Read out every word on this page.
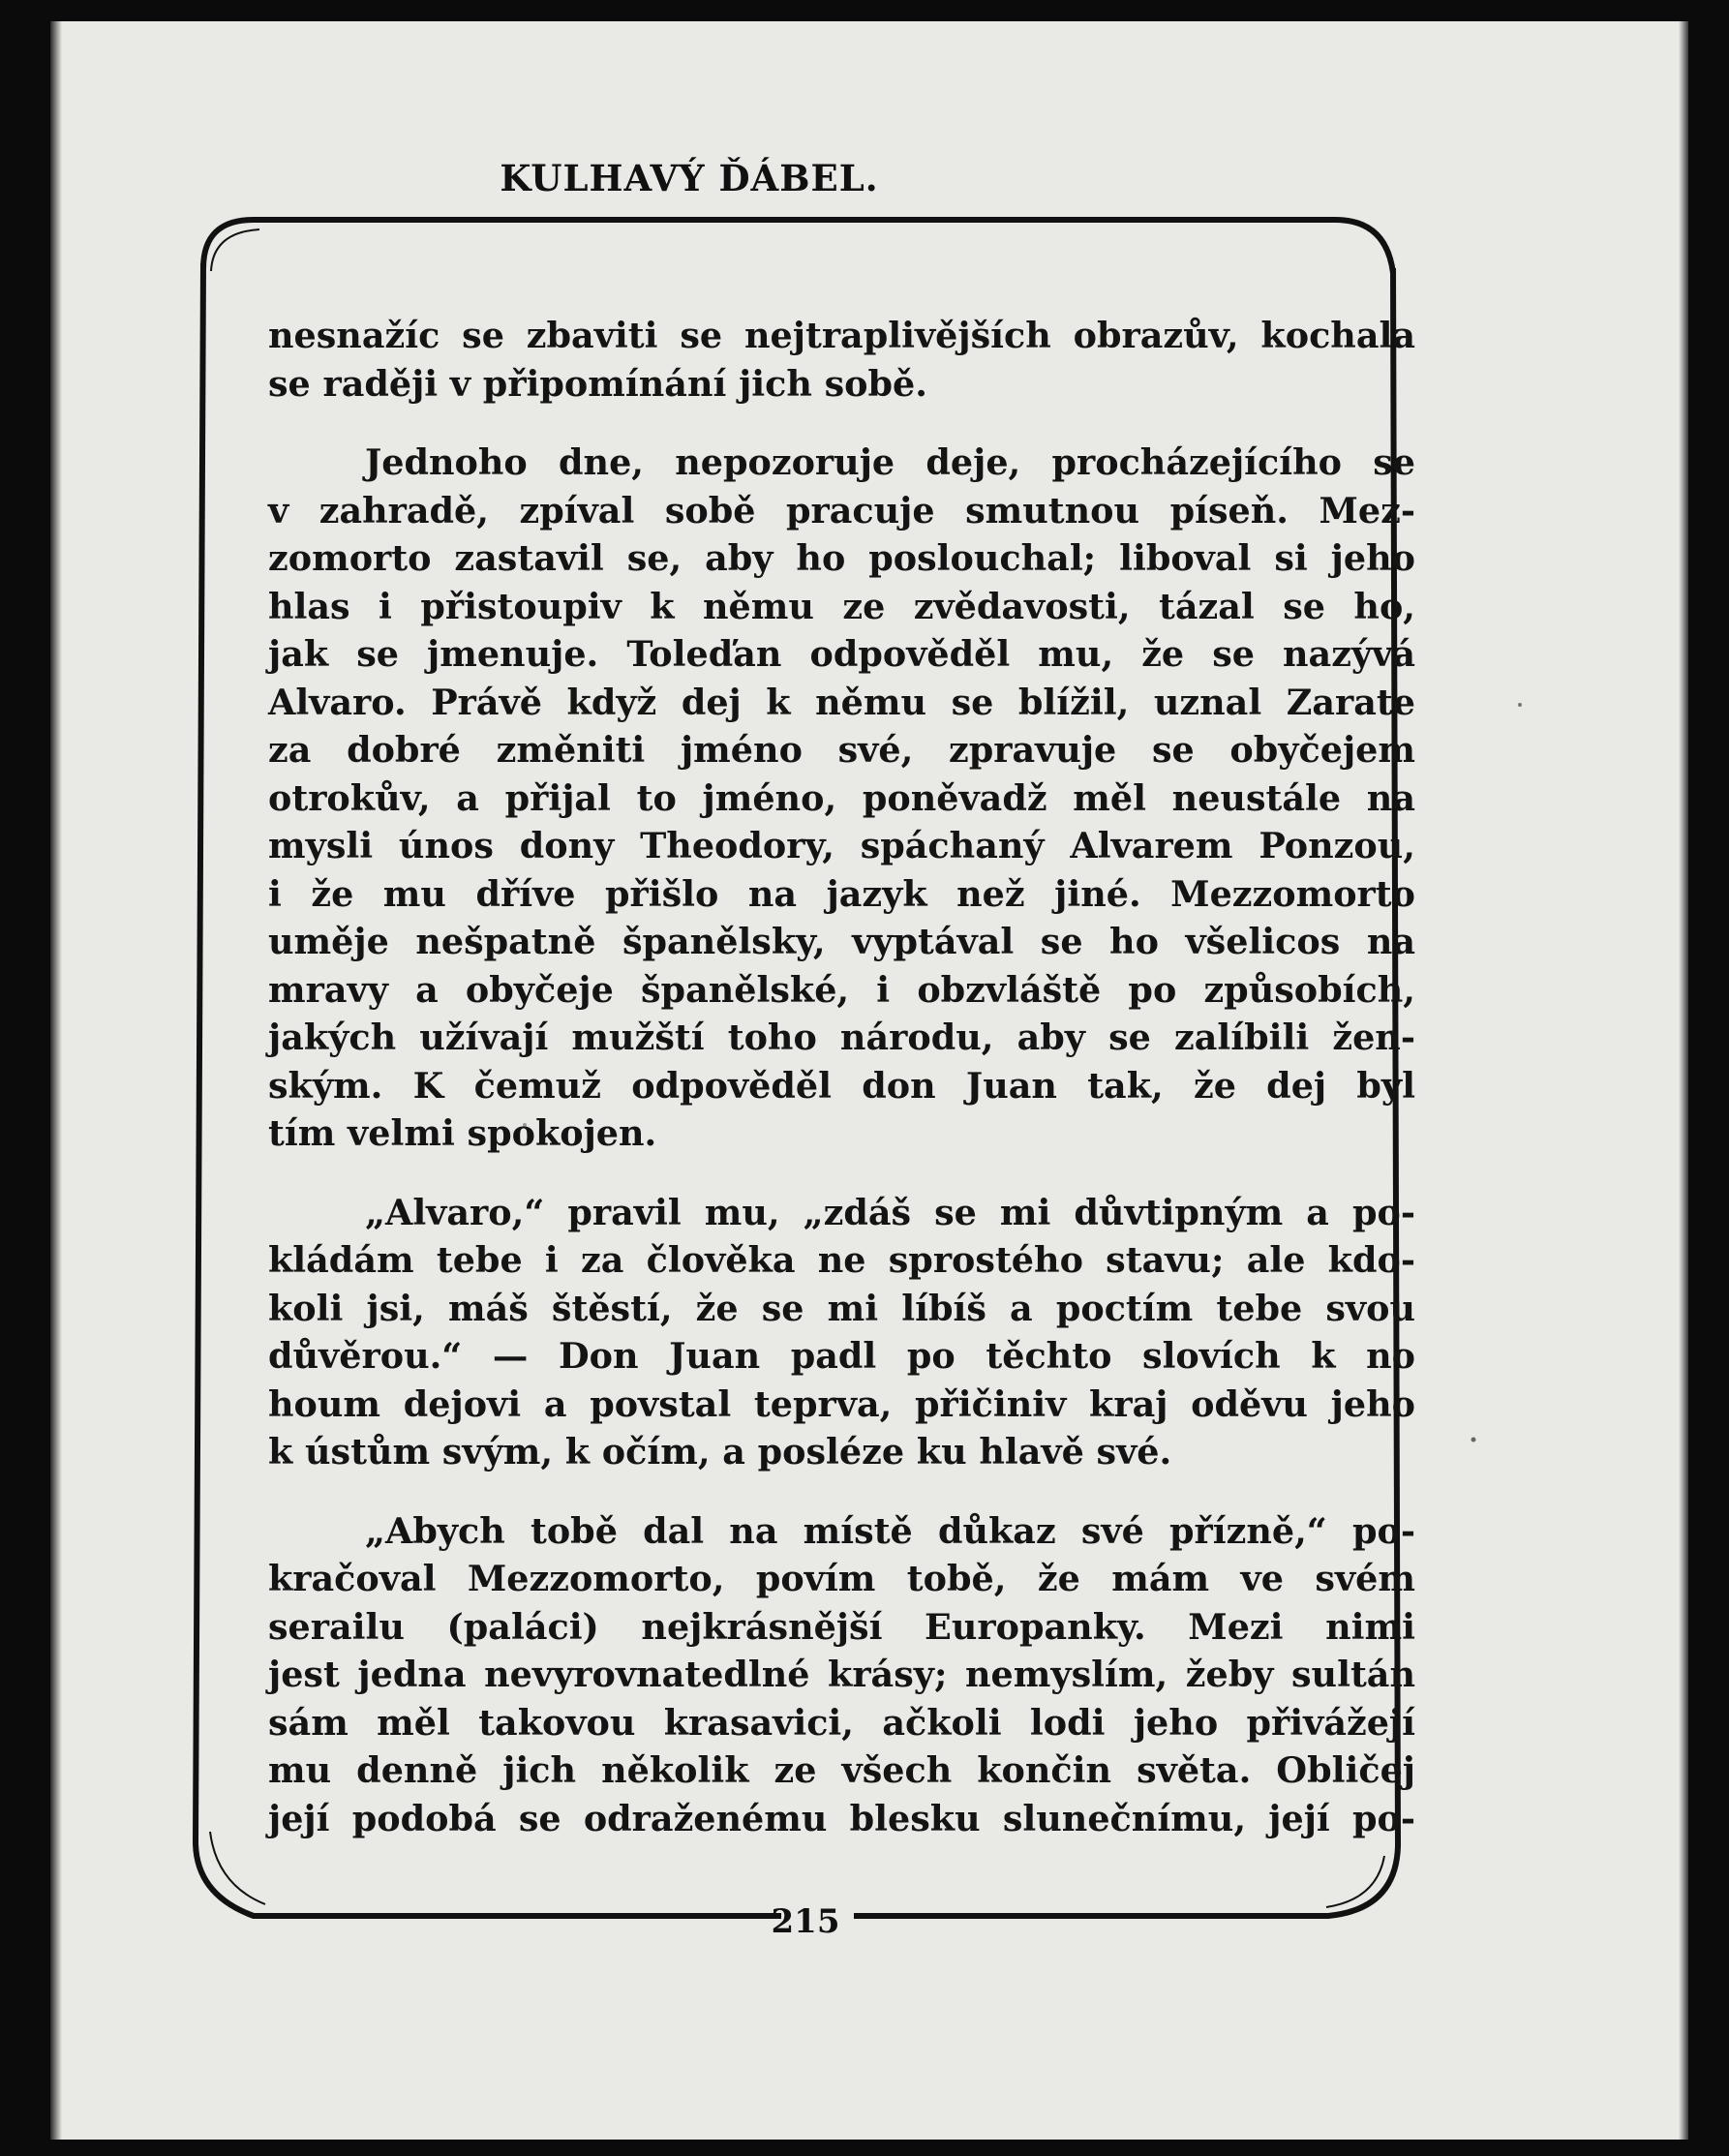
KULHAVÝ ĎÁBEL.

nesnažíc se zbaviti se nejtraplivějších obrazův, kochala
se raději v připomínání jich sobě.

Jednoho dne, nepozoruje deje, procházejícího se
v zahradě, zpíval sobě pracuje smutnou píseň. Mez-
zomorto zastavil se, aby ho poslouchal; liboval si jeho
hlas i přistoupiv k němu ze zvědavosti, tázal se ho,
jak se jmenuje. Toleďan odpověděl mu, že se nazývá
Alvaro. Právě když dej k němu se blížil, uznal Zarate
za dobré změniti jméno své, zpravuje se obyčejem
otrokův, a přijal to jméno, poněvadž měl neustále na
mysli únos dony Theodory, spáchaný Alvarem Ponzou,
i že mu dříve přišlo na jazyk než jiné. Mezzomorto
uměje nešpatně španělsky, vyptával se ho všelicos na
mravy a obyčeje španělské, i obzvláště po způsobích,
jakých užívají mužští toho národu, aby se zalíbili žen-
ským. K čemuž odpověděl don Juan tak, že dej byl
tím velmi spokojen.

„Alvaro,“ pravil mu, „zdáš se mi důvtipným a po-
kládám tebe i za člověka ne sprostého stavu; ale kdo-
koli jsi, máš štěstí, že se mi líbíš a poctím tebe svou
důvěrou.“ — Don Juan padl po těchto slovích k no
houm dejovi a povstal teprva, přičiniv kraj oděvu jeho
k ústům svým, k očím, a posléze ku hlavě své.

„Abych tobě dal na místě důkaz své přízně,“ po-
kračoval Mezzomorto, povím tobě, že mám ve svém
serailu (paláci) nejkrásnější Europanky. Mezi nimi
jest jedna nevyrovnatedlné krásy; nemyslím, žeby sultán
sám měl takovou krasavici, ačkoli lodi jeho přivážejí
mu denně jich několik ze všech končin světa. Obličej
její podobá se odraženému blesku slunečnímu, její po-

215
